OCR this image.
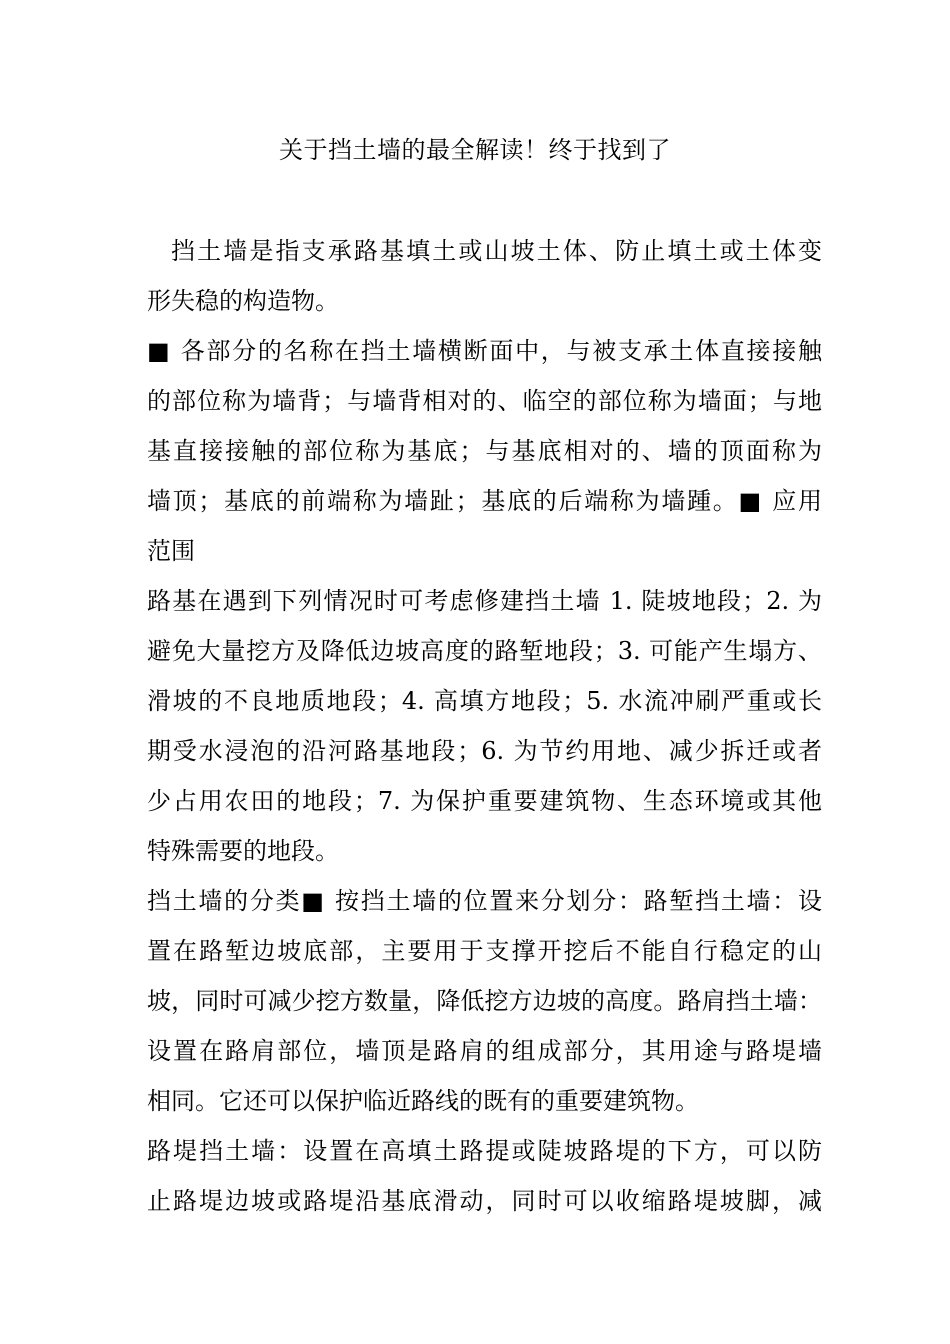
关于挡土墙的最全解读！终于找到了
挡土墙是指支承路基填土或山坡土体、防止填土或土体变
形失稳的构造物。
■ 各部分的名称在挡土墙横断面中，与被支承土体直接接触
的部位称为墙背；与墙背相对的、临空的部位称为墙面；与地
基直接接触的部位称为基底；与基底相对的、墙的顶面称为
墙顶；基底的前端称为墙趾；基底的后端称为墙踵。■ 应用
范围
路基在遇到下列情况时可考虑修建挡土墙 1. 陡坡地段；2. 为
避免大量挖方及降低边坡高度的路堑地段；3. 可能产生塌方、
滑坡的不良地质地段；4. 高填方地段；5. 水流冲刷严重或长
期受水浸泡的沿河路基地段；6. 为节约用地、减少拆迁或者
少占用农田的地段；7. 为保护重要建筑物、生态环境或其他
特殊需要的地段。
挡土墙的分类■ 按挡土墙的位置来分划分：路堑挡土墙：设
置在路堑边坡底部，主要用于支撑开挖后不能自行稳定的山
坡，同时可减少挖方数量，降低挖方边坡的高度。路肩挡土墙：
设置在路肩部位，墙顶是路肩的组成部分，其用途与路堤墙
相同。它还可以保护临近路线的既有的重要建筑物。
路堤挡土墙：设置在高填土路提或陡坡路堤的下方，可以防
止路堤边坡或路堤沿基底滑动，同时可以收缩路堤坡脚，减
